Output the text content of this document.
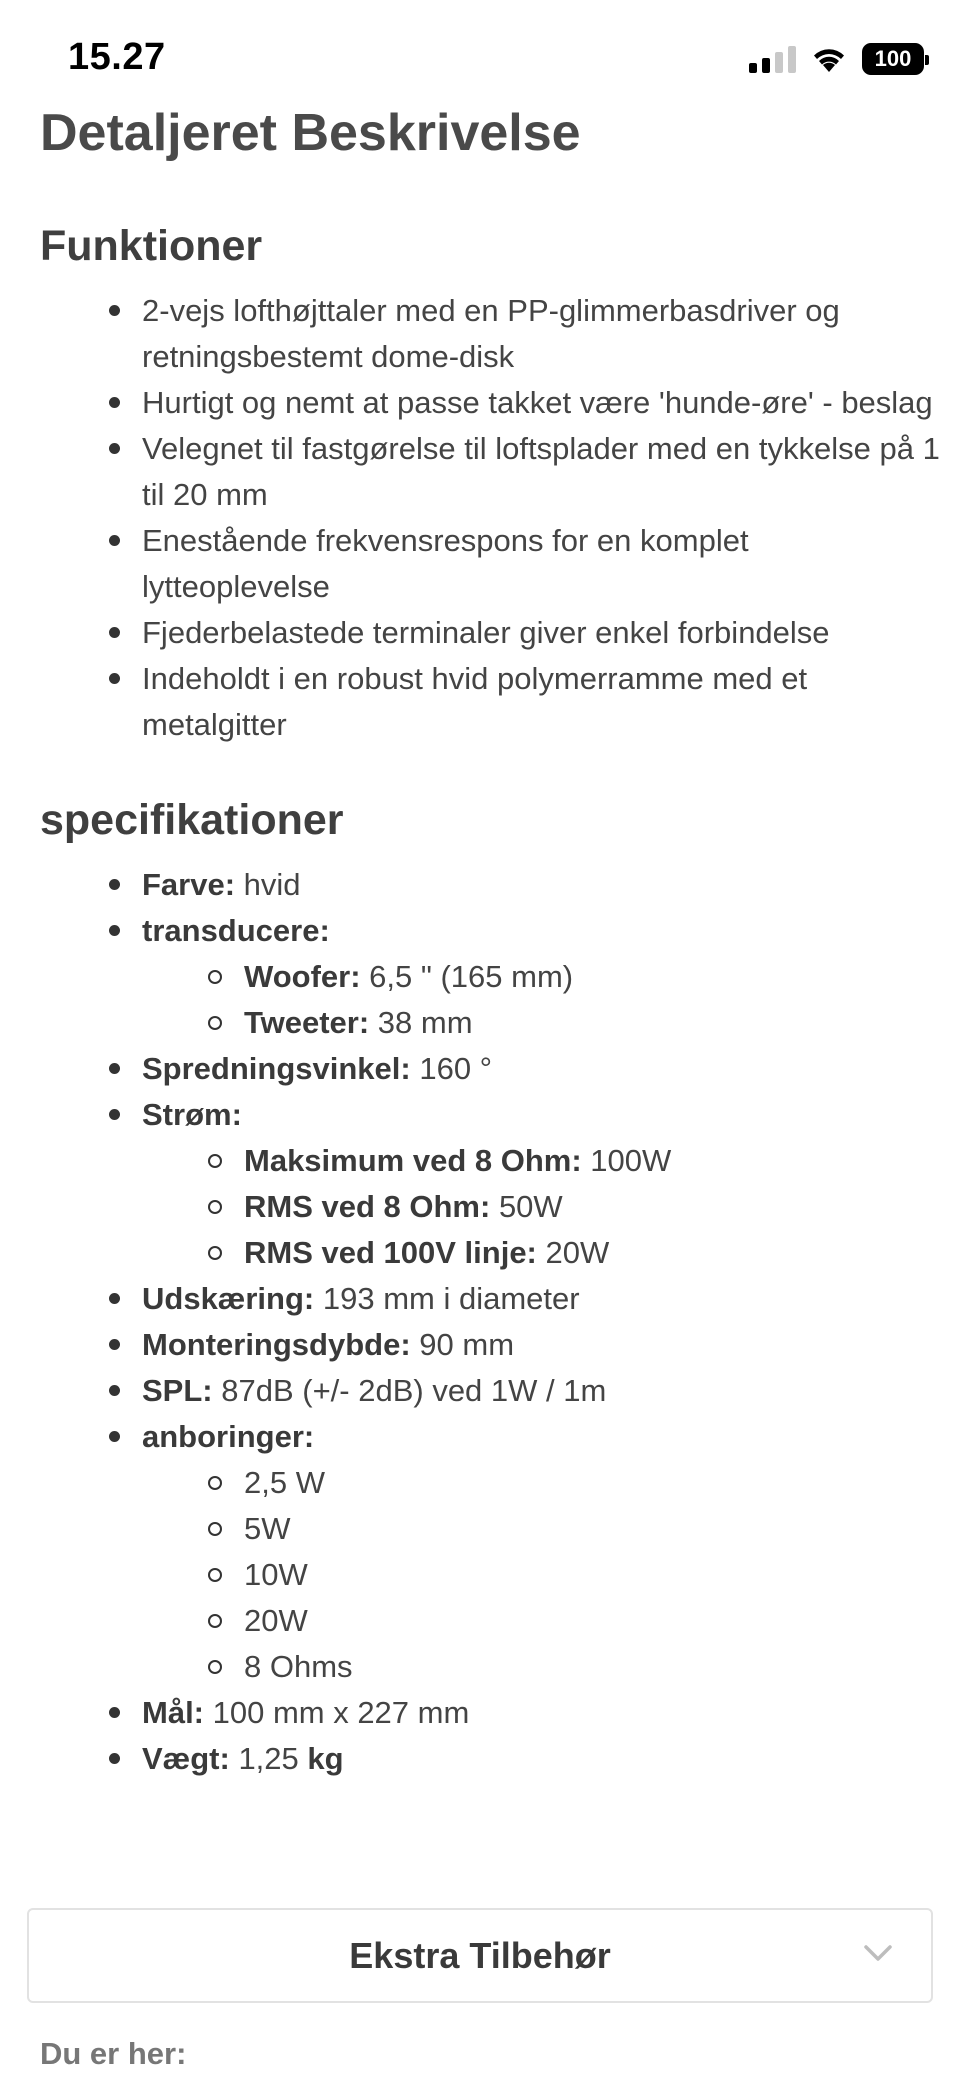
15.27	100
Detaljeret Beskrivelse
Funktioner
2-vejs lofthøjttaler med en PP-glimmerbasdriver og retningsbestemt dome-disk
Hurtigt og nemt at passe takket være 'hunde-øre' - beslag
Velegnet til fastgørelse til loftsplader med en tykkelse på 1 til 20 mm
Enestående frekvensrespons for en komplet lytteoplevelse
Fjederbelastede terminaler giver enkel forbindelse
Indeholdt i en robust hvid polymerramme med et metalgitter
specifikationer
Farve: hvid
transducere:
Woofer: 6,5 " (165 mm)
Tweeter: 38 mm
Spredningsvinkel: 160 °
Strøm:
Maksimum ved 8 Ohm: 100W
RMS ved 8 Ohm: 50W
RMS ved 100V linje: 20W
Udskæring: 193 mm i diameter
Monteringsdybde: 90 mm
SPL: 87dB (+/- 2dB) ved 1W / 1m
anboringer:
2,5 W
5W
10W
20W
8 Ohms
Mål: 100 mm x 227 mm
Vægt: 1,25 kg
Ekstra Tilbehør
Du er her:
